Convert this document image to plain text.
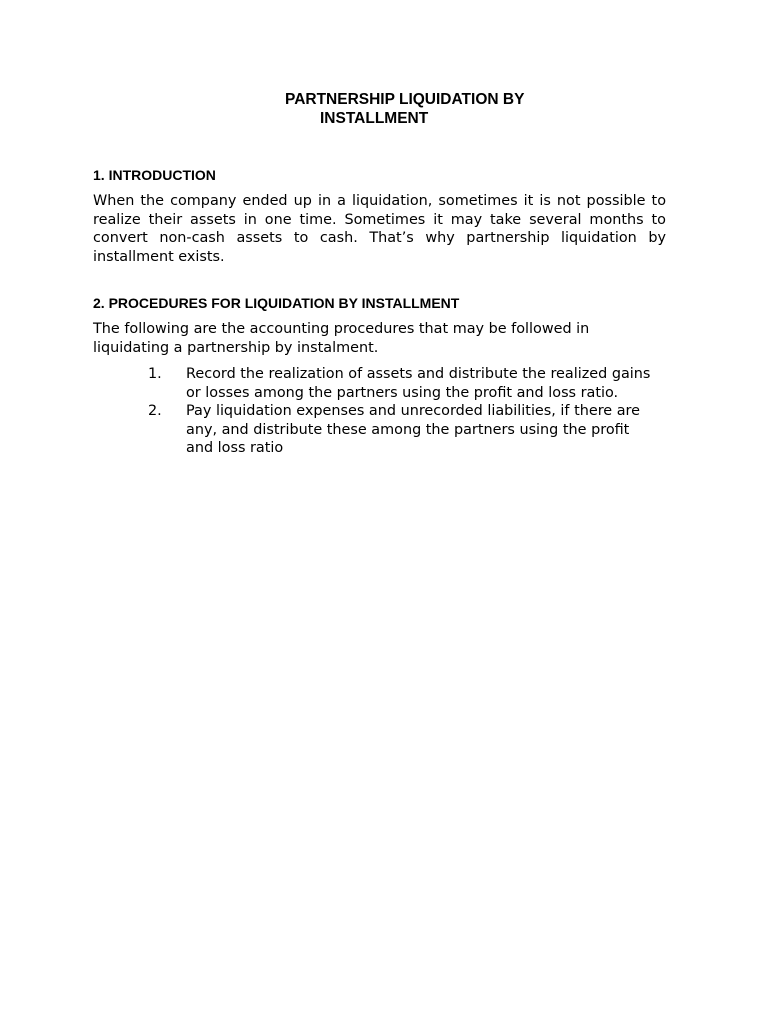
PARTNERSHIP LIQUIDATION BY
INSTALLMENT
1. INTRODUCTION

When the company ended up in a liquidation, sometimes it is not possible to realize their assets in one time. Sometimes it may take several months to convert non-cash assets to cash. That’s why partnership liquidation by installment exists.

2. PROCEDURES FOR LIQUIDATION BY INSTALLMENT

The following are the accounting procedures that may be followed in liquidating a partnership by instalment.

1. Record the realization of assets and distribute the realized gains or losses among the partners using the profit and loss ratio.
2. Pay liquidation expenses and unrecorded liabilities, if there are any, and distribute these among the partners using the profit and loss ratio
